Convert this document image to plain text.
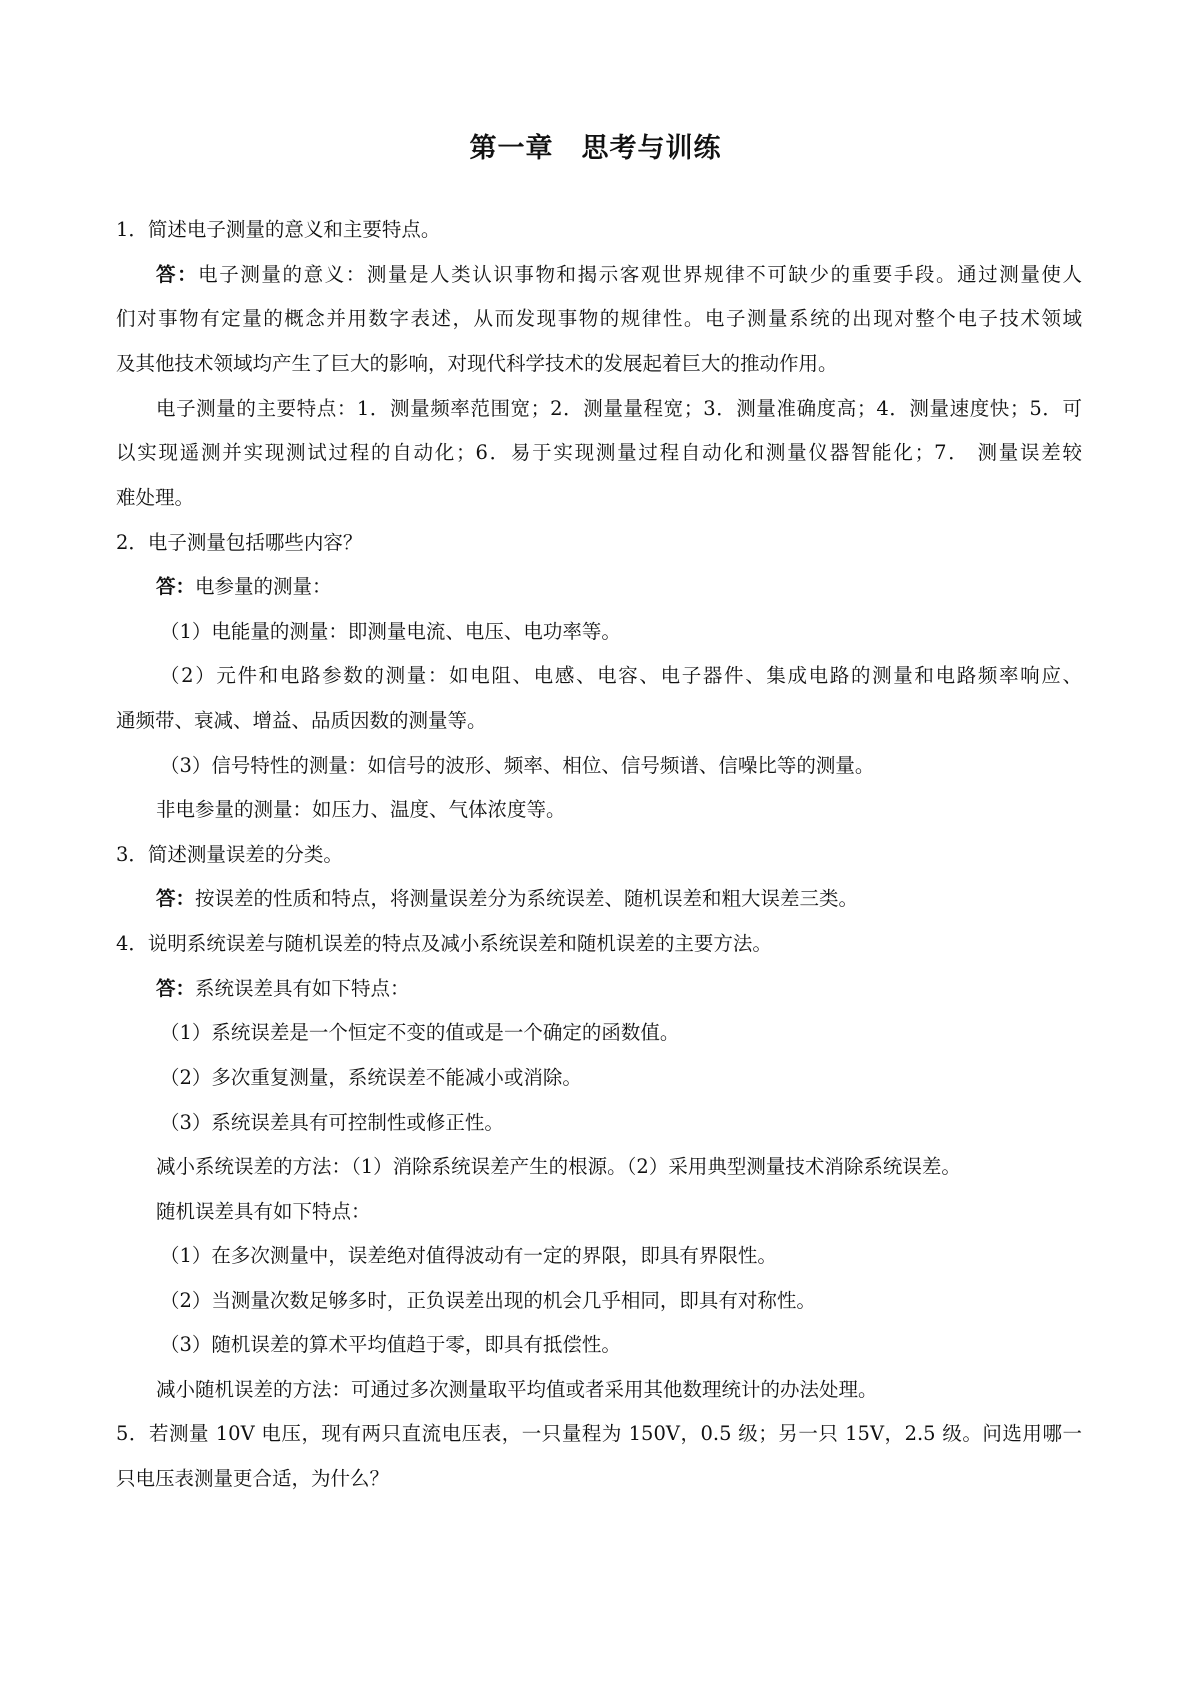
第一章　思考与训练
1．简述电子测量的意义和主要特点。
答：电子测量的意义：测量是人类认识事物和揭示客观世界规律不可缺少的重要手段。通过测量使人
们对事物有定量的概念并用数字表述，从而发现事物的规律性。电子测量系统的出现对整个电子技术领域
及其他技术领域均产生了巨大的影响，对现代科学技术的发展起着巨大的推动作用。
电子测量的主要特点：1．测量频率范围宽；2．测量量程宽；3．测量准确度高；4．测量速度快；5．可
以实现遥测并实现测试过程的自动化；6．易于实现测量过程自动化和测量仪器智能化；7． 测量误差较
难处理。
2．电子测量包括哪些内容？
答：电参量的测量：
（1）电能量的测量：即测量电流、电压、电功率等。
（2）元件和电路参数的测量：如电阻、电感、电容、电子器件、集成电路的测量和电路频率响应、
通频带、衰减、增益、品质因数的测量等。
（3）信号特性的测量：如信号的波形、频率、相位、信号频谱、信噪比等的测量。
非电参量的测量：如压力、温度、气体浓度等。
3．简述测量误差的分类。
答：按误差的性质和特点，将测量误差分为系统误差、随机误差和粗大误差三类。
4．说明系统误差与随机误差的特点及减小系统误差和随机误差的主要方法。
答：系统误差具有如下特点：
（1）系统误差是一个恒定不变的值或是一个确定的函数值。
（2）多次重复测量，系统误差不能减小或消除。
（3）系统误差具有可控制性或修正性。
减小系统误差的方法：（1）消除系统误差产生的根源。（2）采用典型测量技术消除系统误差。
随机误差具有如下特点：
（1）在多次测量中，误差绝对值得波动有一定的界限，即具有界限性。
（2）当测量次数足够多时，正负误差出现的机会几乎相同，即具有对称性。
（3）随机误差的算术平均值趋于零，即具有抵偿性。
减小随机误差的方法：可通过多次测量取平均值或者采用其他数理统计的办法处理。
5．若测量 10V 电压，现有两只直流电压表，一只量程为 150V，0.5 级；另一只 15V，2.5 级。问选用哪一
只电压表测量更合适，为什么？
